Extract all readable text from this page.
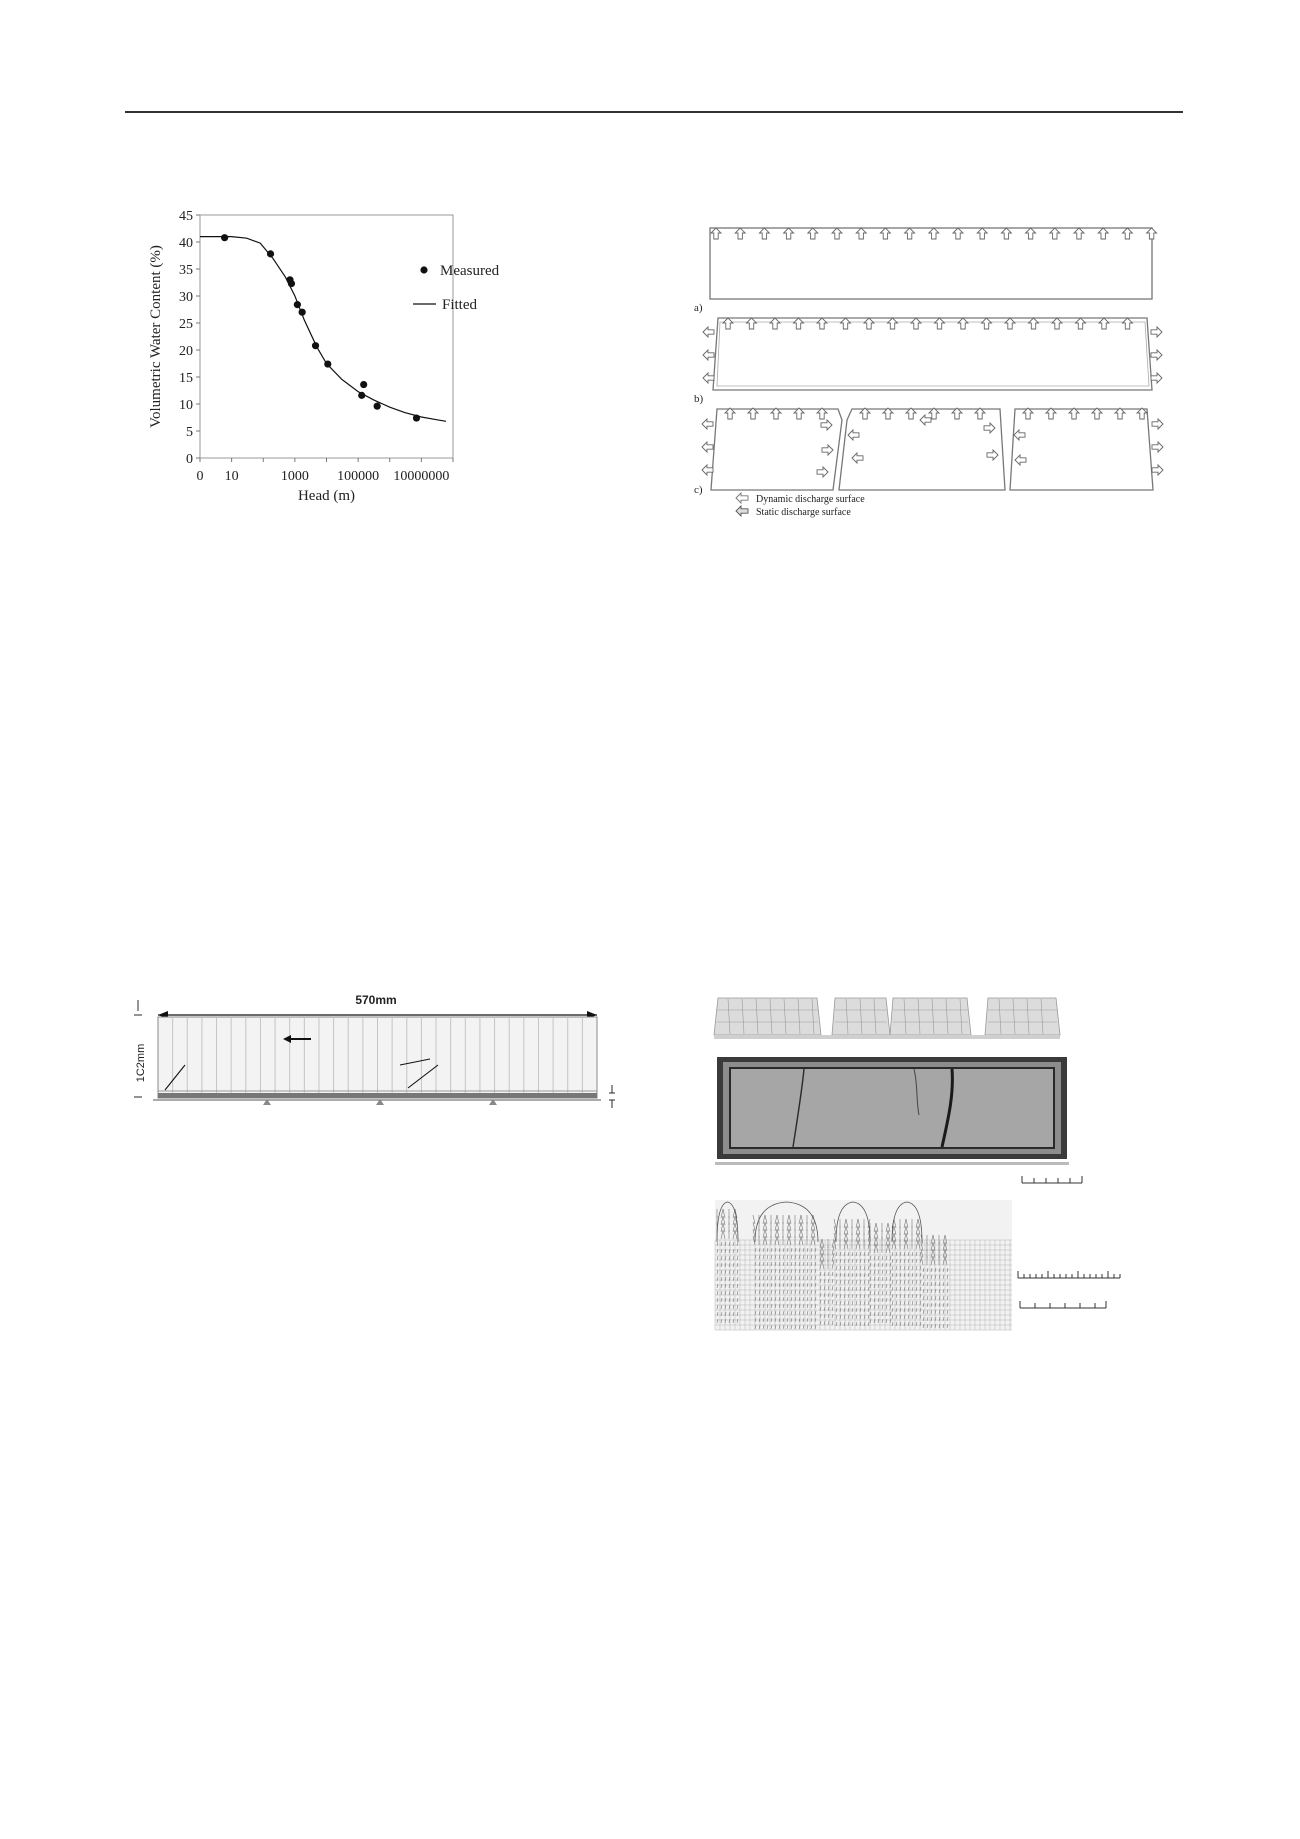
0
5
10
15
20
25
30
35
40
45
0 10	1000 100000 10000000
Head (m)
Volumetric Water Content (%)	Measured
Fitted	a)
b)
c)
Dynamic discharge surface
Static discharge surface
570mm
1C2mm
